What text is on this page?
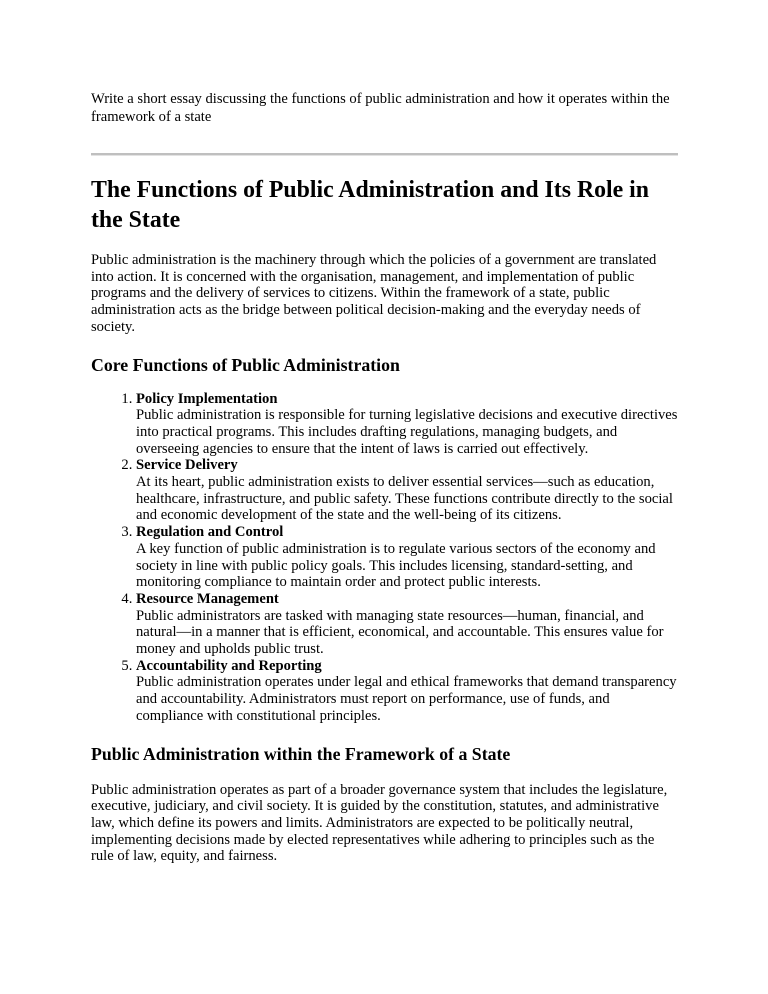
Write a short essay discussing the functions of public administration and how it operates within the framework of a state

The Functions of Public Administration and Its Role in the State

Public administration is the machinery through which the policies of a government are translated into action. It is concerned with the organisation, management, and implementation of public programs and the delivery of services to citizens. Within the framework of a state, public administration acts as the bridge between political decision-making and the everyday needs of society.

Core Functions of Public Administration
1. Policy Implementation
Public administration is responsible for turning legislative decisions and executive directives into practical programs. This includes drafting regulations, managing budgets, and overseeing agencies to ensure that the intent of laws is carried out effectively.
2. Service Delivery
At its heart, public administration exists to deliver essential services—such as education, healthcare, infrastructure, and public safety. These functions contribute directly to the social and economic development of the state and the well-being of its citizens.
3. Regulation and Control
A key function of public administration is to regulate various sectors of the economy and society in line with public policy goals. This includes licensing, standard-setting, and monitoring compliance to maintain order and protect public interests.
4. Resource Management
Public administrators are tasked with managing state resources—human, financial, and natural—in a manner that is efficient, economical, and accountable. This ensures value for money and upholds public trust.
5. Accountability and Reporting
Public administration operates under legal and ethical frameworks that demand transparency and accountability. Administrators must report on performance, use of funds, and compliance with constitutional principles.
Public Administration within the Framework of a State

Public administration operates as part of a broader governance system that includes the legislature, executive, judiciary, and civil society. It is guided by the constitution, statutes, and administrative law, which define its powers and limits. Administrators are expected to be politically neutral, implementing decisions made by elected representatives while adhering to principles such as the rule of law, equity, and fairness.
